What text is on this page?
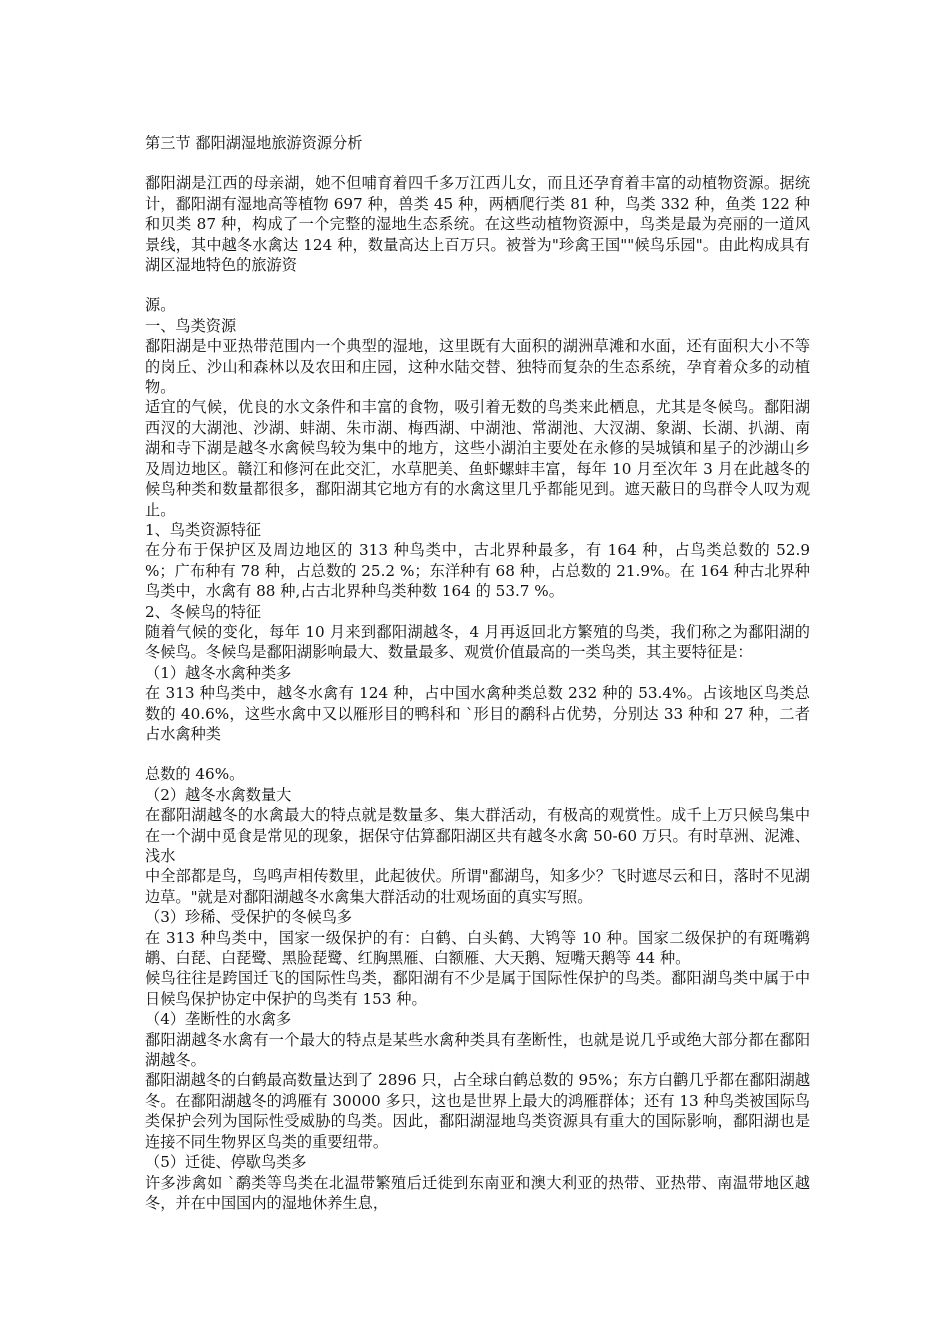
第三节 鄱阳湖湿地旅游资源分析

鄱阳湖是江西的母亲湖，她不但哺育着四千多万江西儿女，而且还孕育着丰富的动植物资源。据统计，鄱阳湖有湿地高等植物 697 种，兽类 45 种，两栖爬行类 81 种，鸟类 332 种，鱼类 122 种和贝类 87 种，构成了一个完整的湿地生态系统。在这些动植物资源中，鸟类是最为亮丽的一道风景线，其中越冬水禽达 124 种，数量高达上百万只。被誉为"珍禽王国""候鸟乐园"。由此构成具有湖区湿地特色的旅游资

源。

一、鸟类资源

鄱阳湖是中亚热带范围内一个典型的湿地，这里既有大面积的湖洲草滩和水面，还有面积大小不等的岗丘、沙山和森林以及农田和庄园，这种水陆交替、独特而复杂的生态系统，孕育着众多的动植物。

适宜的气候，优良的水文条件和丰富的食物，吸引着无数的鸟类来此栖息，尤其是冬候鸟。鄱阳湖西汊的大湖池、沙湖、蚌湖、朱市湖、梅西湖、中湖池、常湖池、大汊湖、象湖、长湖、扒湖、南湖和寺下湖是越冬水禽候鸟较为集中的地方，这些小湖泊主要处在永修的吴城镇和星子的沙湖山乡及周边地区。赣江和修河在此交汇，水草肥美、鱼虾螺蚌丰富，每年 10 月至次年 3 月在此越冬的候鸟种类和数量都很多，鄱阳湖其它地方有的水禽这里几乎都能见到。遮天蔽日的鸟群令人叹为观止。

1、鸟类资源特征

在分布于保护区及周边地区的 313 种鸟类中，古北界种最多，有 164 种，占鸟类总数的 52.9 %；广布种有 78 种，占总数的 25.2 %；东洋种有 68 种，占总数的 21.9%。在 164 种古北界种鸟类中，水禽有 88 种,占古北界种鸟类种数 164 的 53.7 %。

2、冬候鸟的特征

随着气候的变化，每年 10 月来到鄱阳湖越冬，4 月再返回北方繁殖的鸟类，我们称之为鄱阳湖的冬候鸟。冬候鸟是鄱阳湖影响最大、数量最多、观赏价值最高的一类鸟类，其主要特征是：

（1）越冬水禽种类多

在 313 种鸟类中，越冬水禽有 124 种，占中国水禽种类总数 232 种的 53.4%。占该地区鸟类总数的 40.6%，这些水禽中又以雁形目的鸭科和 `形目的鹬科占优势，分别达 33 种和 27 种，二者占水禽种类

总数的 46%。

（2）越冬水禽数量大

在鄱阳湖越冬的水禽最大的特点就是数量多、集大群活动，有极高的观赏性。成千上万只候鸟集中在一个湖中觅食是常见的现象，据保守估算鄱阳湖区共有越冬水禽 50-60 万只。有时草洲、泥滩、浅水

中全部都是鸟，鸟鸣声相传数里，此起彼伏。所谓"鄱湖鸟，知多少？飞时遮尽云和日，落时不见湖边草。"就是对鄱阳湖越冬水禽集大群活动的壮观场面的真实写照。

（3）珍稀、受保护的冬候鸟多

在 313 种鸟类中，国家一级保护的有：白鹤、白头鹤、大鸨等 10 种。国家二级保护的有斑嘴鹈鹕、白琵、白琵鹭、黑脸琵鹭、红胸黑雁、白额雁、大天鹅、短嘴天鹅等 44 种。

候鸟往往是跨国迁飞的国际性鸟类，鄱阳湖有不少是属于国际性保护的鸟类。鄱阳湖鸟类中属于中日候鸟保护协定中保护的鸟类有 153 种。

（4）垄断性的水禽多

鄱阳湖越冬水禽有一个最大的特点是某些水禽种类具有垄断性，也就是说几乎或绝大部分都在鄱阳湖越冬。

鄱阳湖越冬的白鹤最高数量达到了 2896 只，占全球白鹤总数的 95%；东方白鹳几乎都在鄱阳湖越冬。在鄱阳湖越冬的鸿雁有 30000 多只，这也是世界上最大的鸿雁群体；还有 13 种鸟类被国际鸟类保护会列为国际性受威胁的鸟类。因此，鄱阳湖湿地鸟类资源具有重大的国际影响，鄱阳湖也是连接不同生物界区鸟类的重要纽带。

（5）迁徙、停歇鸟类多

许多涉禽如 `鹬类等鸟类在北温带繁殖后迁徙到东南亚和澳大利亚的热带、亚热带、南温带地区越冬，并在中国国内的湿地休养生息，
